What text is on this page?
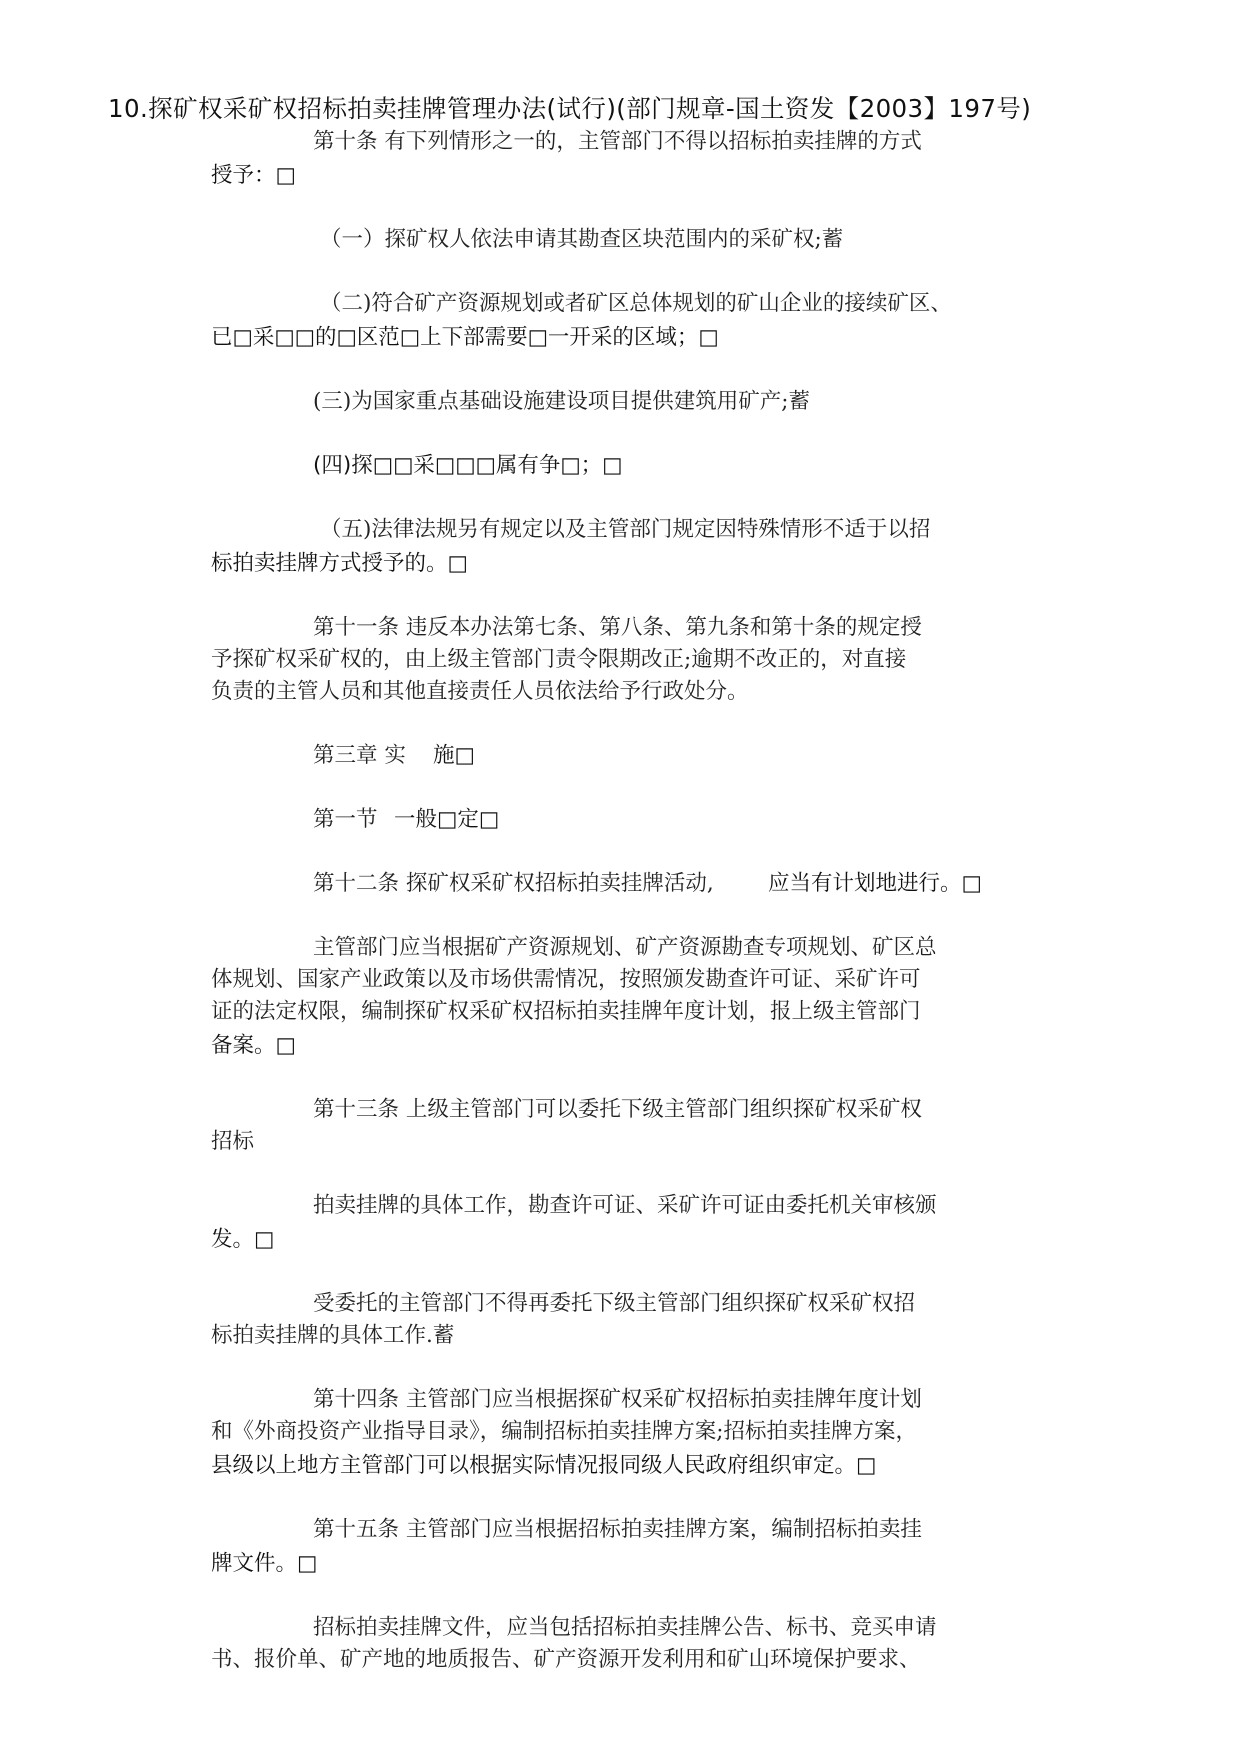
10.探矿权采矿权招标拍卖挂牌管理办法(试行)(部门规章-国土资发【2003】197号)
第十条 有下列情形之一的，主管部门不得以招标拍卖挂牌的方式
授予：□
（一）探矿权人依法申请其勘查区块范围内的采矿权;蓄
（二)符合矿产资源规划或者矿区总体规划的矿山企业的接续矿区、
已□采□□的□区范□上下部需要□一开采的区域；□
(三)为国家重点基础设施建设项目提供建筑用矿产;蓄
(四)探□□采□□□属有争□；□
（五)法律法规另有规定以及主管部门规定因特殊情形不适于以招
标拍卖挂牌方式授予的。□
第十一条 违反本办法第七条、第八条、第九条和第十条的规定授
予探矿权采矿权的，由上级主管部门责令限期改正;逾期不改正的，对直接
负责的主管人员和其他直接责任人员依法给予行政处分。
第三章 实 施□
第一节 一般□定□
第十二条 探矿权采矿权招标拍卖挂牌活动,	应当有计划地进行。□
主管部门应当根据矿产资源规划、矿产资源勘查专项规划、矿区总
体规划、国家产业政策以及市场供需情况，按照颁发勘查许可证、采矿许可
证的法定权限，编制探矿权采矿权招标拍卖挂牌年度计划，报上级主管部门
备案。□
第十三条 上级主管部门可以委托下级主管部门组织探矿权采矿权
招标
拍卖挂牌的具体工作，勘查许可证、采矿许可证由委托机关审核颁
发。□
受委托的主管部门不得再委托下级主管部门组织探矿权采矿权招
标拍卖挂牌的具体工作.蓄
第十四条 主管部门应当根据探矿权采矿权招标拍卖挂牌年度计划
和《外商投资产业指导目录》，编制招标拍卖挂牌方案;招标拍卖挂牌方案，
县级以上地方主管部门可以根据实际情况报同级人民政府组织审定。□
第十五条 主管部门应当根据招标拍卖挂牌方案，编制招标拍卖挂
牌文件。□
招标拍卖挂牌文件，应当包括招标拍卖挂牌公告、标书、竞买申请
书、报价单、矿产地的地质报告、矿产资源开发利用和矿山环境保护要求、
